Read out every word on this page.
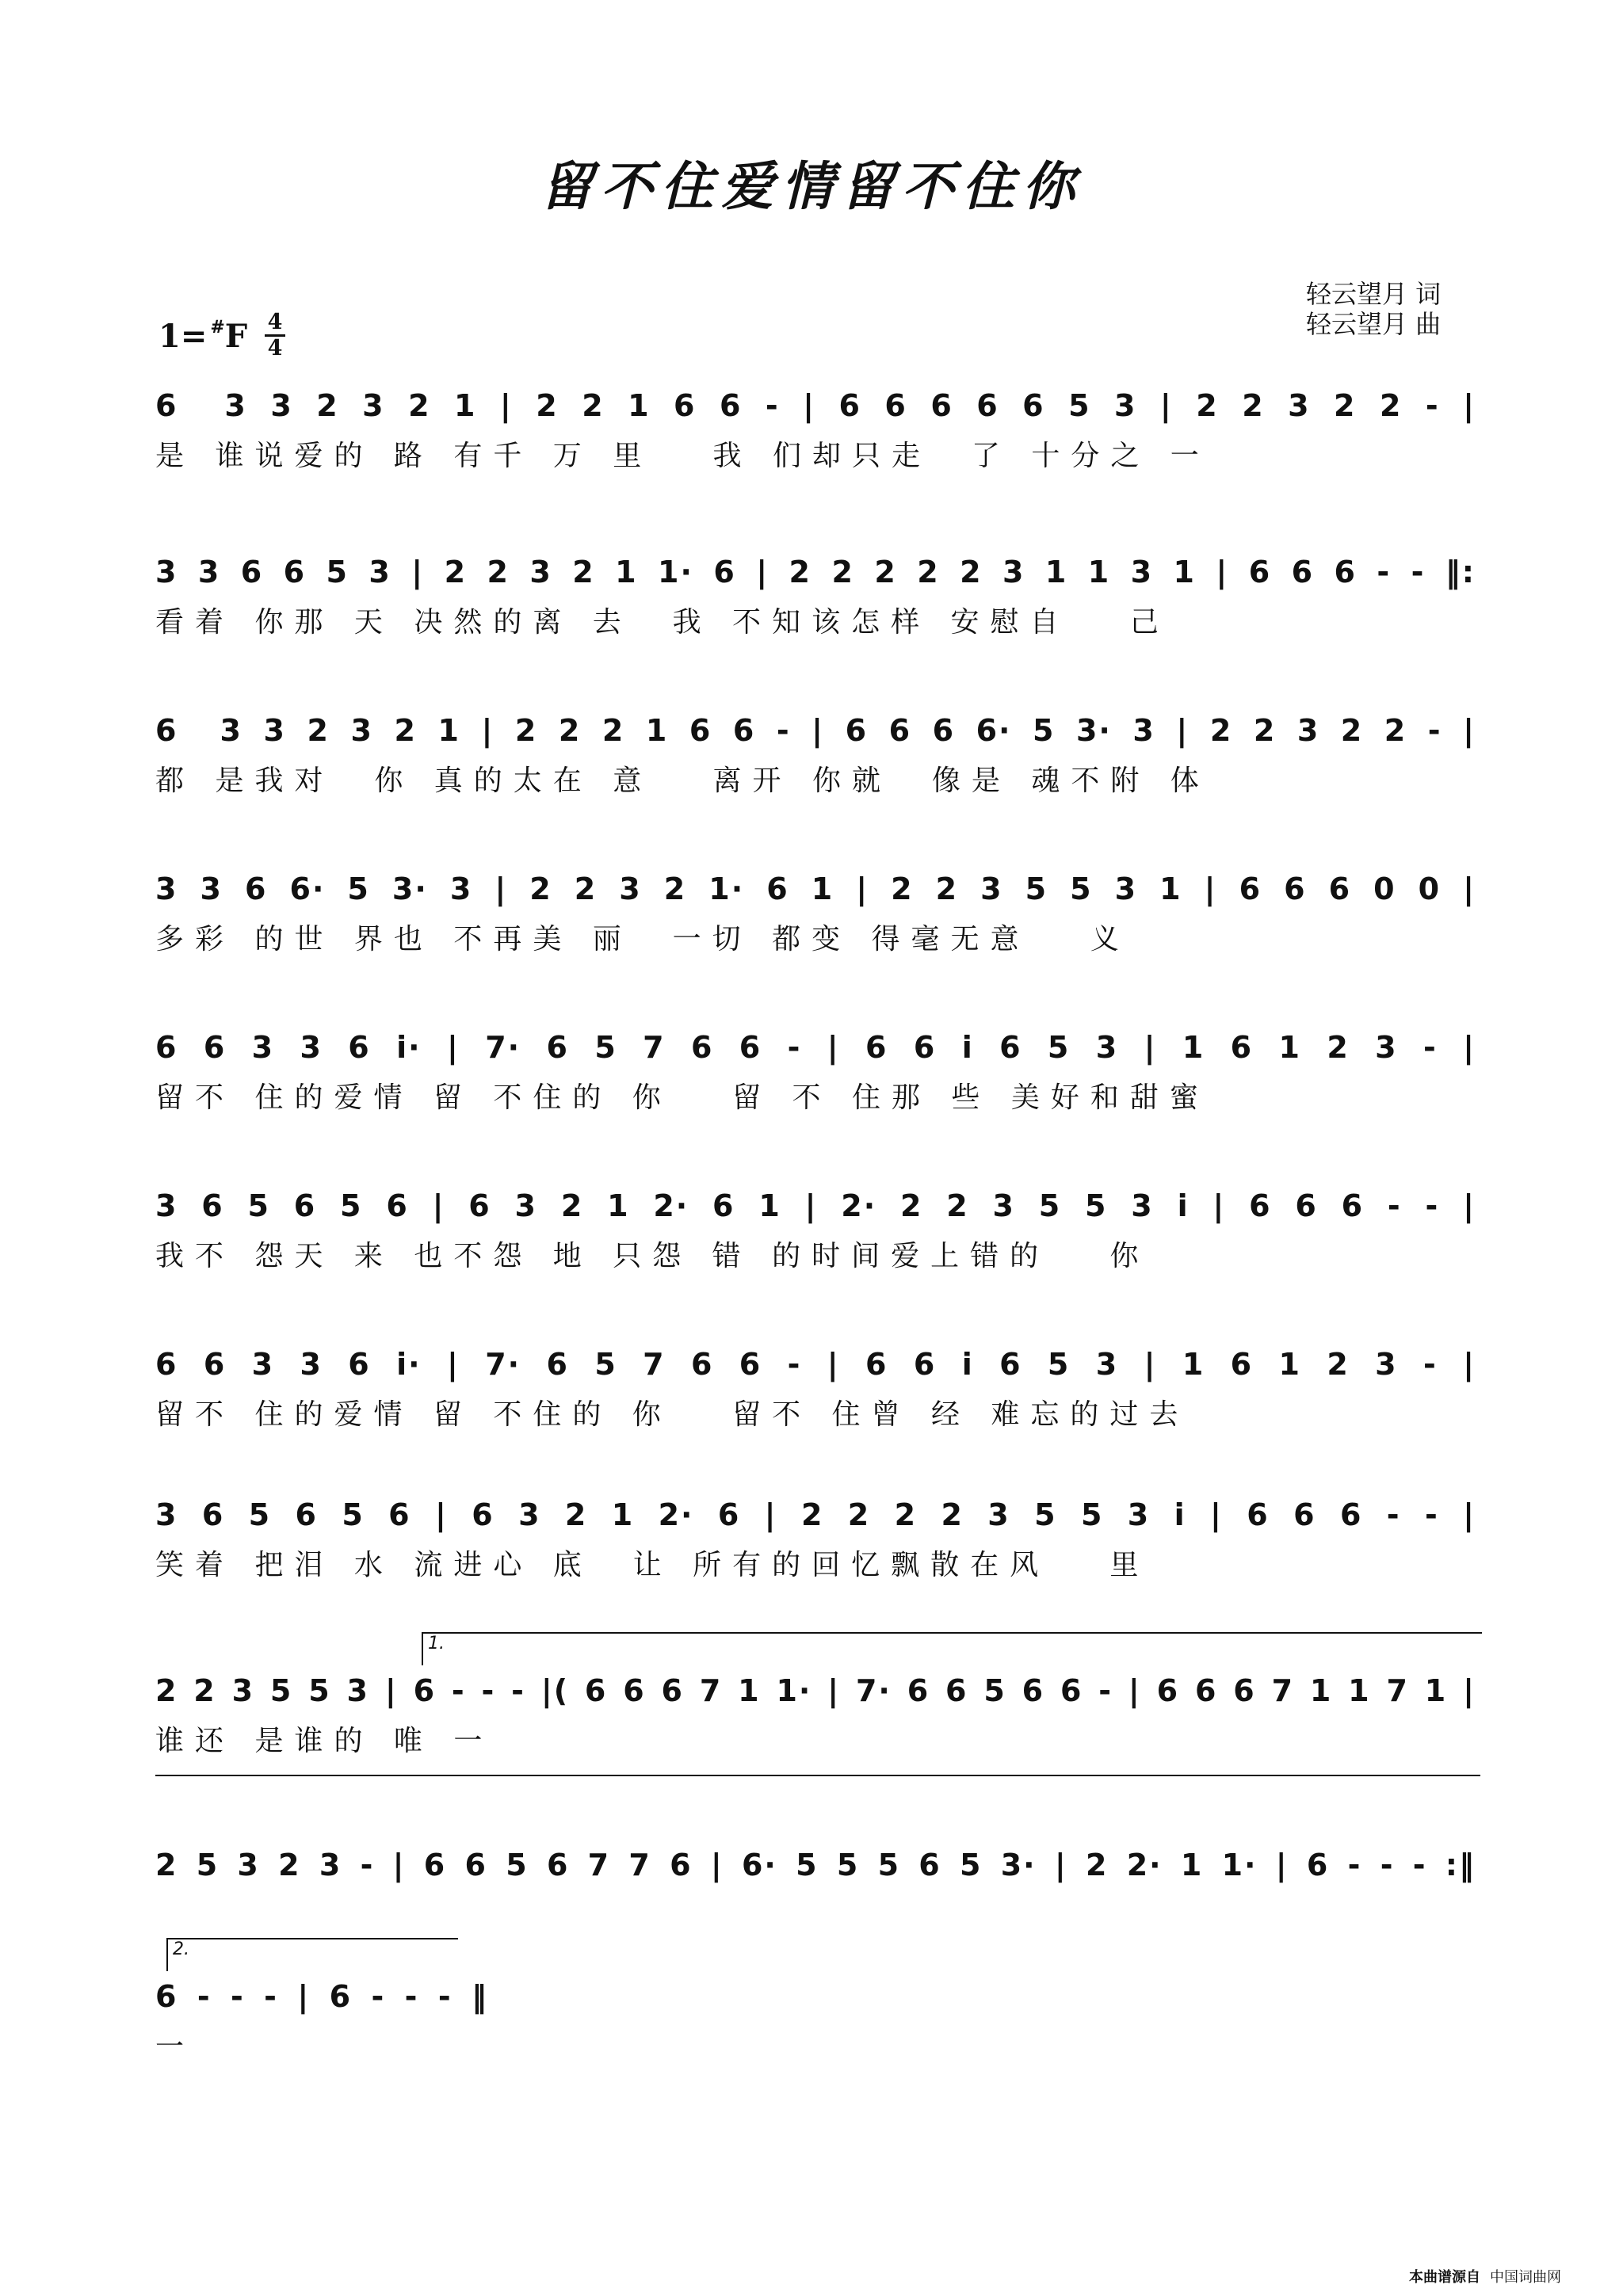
留不住爱情留不住你
轻云望月 词
轻云望月 曲
1= #F 4
4
6  3 3 2 3 2 1 | 2 2 1 6 6 - | 6 6 6 6 6 5 3 | 2 2 3 2 2 - |
是 谁说爱的 路 有千 万 里   我 们却只走  了 十分之 一
3 3 6 6 5 3 | 2 2 3 2 1 1· 6 | 2 2 2 2 2 3 1 1 3 1 | 6 6 6 - - ‖:
看着 你那 天 决然的离 去  我 不知该怎样 安慰自   己
6  3 3 2 3 2 1 | 2 2 2 1 6 6 - | 6 6 6 6· 5 3· 3 | 2 2 3 2 2 - |
都 是我对  你 真的太在 意   离开 你就  像是 魂不附 体
3 3 6 6· 5 3· 3 | 2 2 3 2 1· 6 1 | 2 2 3 5 5 3 1 | 6 6 6 0 0 |
多彩 的世 界也 不再美 丽  一切 都变 得毫无意   义
6 6 3 3 6 i· | 7· 6 5 7 6 6 - | 6 6 i 6 5 3 | 1 6 1 2 3 - |
留不 住的爱情 留 不住的 你   留 不 住那 些 美好和甜蜜
3 6 5 6 5 6 | 6 3 2 1 2· 6 1 | 2· 2 2 3 5 5 3 i | 6 6 6 - - |
我不 怨天 来 也不怨 地 只怨 错 的时间爱上错的   你
6 6 3 3 6 i· | 7· 6 5 7 6 6 - | 6 6 i 6 5 3 | 1 6 1 2 3 - |
留不 住的爱情 留 不住的 你   留不 住曾 经 难忘的过去
3 6 5 6 5 6 | 6 3 2 1 2· 6 | 2 2 2 2 3 5 5 3 i | 6 6 6 - - |
笑着 把泪 水 流进心 底  让 所有的回忆飘散在风   里
1.
2 2 3 5 5 3 | 6 - - - |( 6 6 6 7 1 1· | 7· 6 6 5 6 6 - | 6 6 6 7 1 1 7 1 |
谁还 是谁的 唯 一
2 5 3 2 3 - | 6 6 5 6 7 7 6 | 6· 5 5 5 6 5 3· | 2 2· 1 1· | 6 - - - :‖
2.
6 - - - | 6 - - - ‖
一
本曲谱源自 中国词曲网
